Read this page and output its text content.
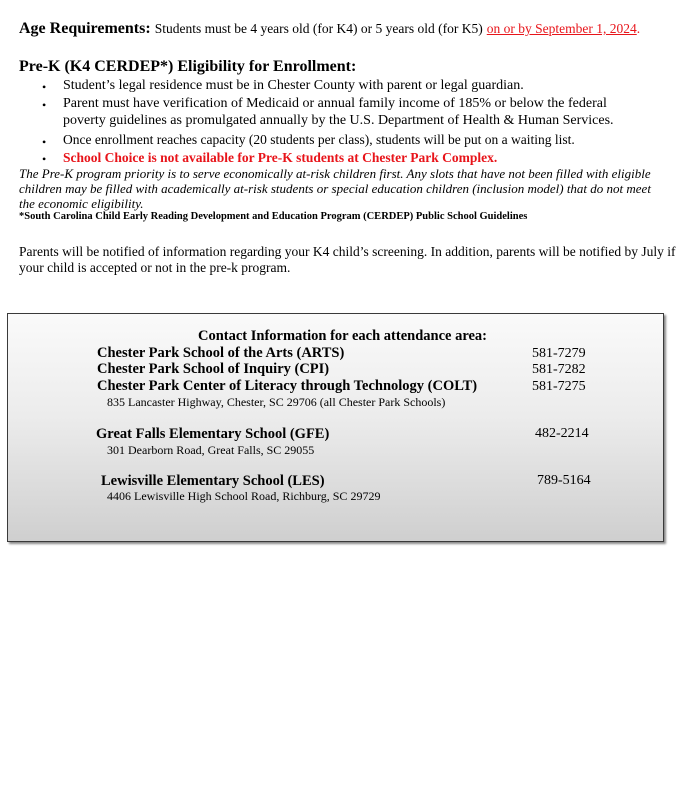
Age Requirements: Students must be 4 years old (for K4) or 5 years old (for K5) on or by September 1, 2024.
Pre-K (K4 CERDEP*) Eligibility for Enrollment:
• Student’s legal residence must be in Chester County with parent or legal guardian.
• Parent must have verification of Medicaid or annual family income of 185% or below the federal
poverty guidelines as promulgated annually by the U.S. Department of Health & Human Services.
• Once enrollment reaches capacity (20 students per class), students will be put on a waiting list.
• School Choice is not available for Pre-K students at Chester Park Complex.
The Pre-K program priority is to serve economically at-risk children first. Any slots that have not been filled with eligible
children may be filled with academically at-risk students or special education children (inclusion model) that do not meet
the economic eligibility.
*South Carolina Child Early Reading Development and Education Program (CERDEP) Public School Guidelines
Parents will be notified of information regarding your K4 child’s screening. In addition, parents will be notified by July if
your child is accepted or not in the pre-k program.
Contact Information for each attendance area:
Chester Park School of the Arts (ARTS)	581-7279
Chester Park School of Inquiry (CPI)	581-7282
Chester Park Center of Literacy through Technology (COLT)	581-7275
835 Lancaster Highway, Chester, SC 29706 (all Chester Park Schools)
Great Falls Elementary School (GFE)	482-2214
301 Dearborn Road, Great Falls, SC 29055
Lewisville Elementary School (LES)	789-5164
4406 Lewisville High School Road, Richburg, SC 29729
